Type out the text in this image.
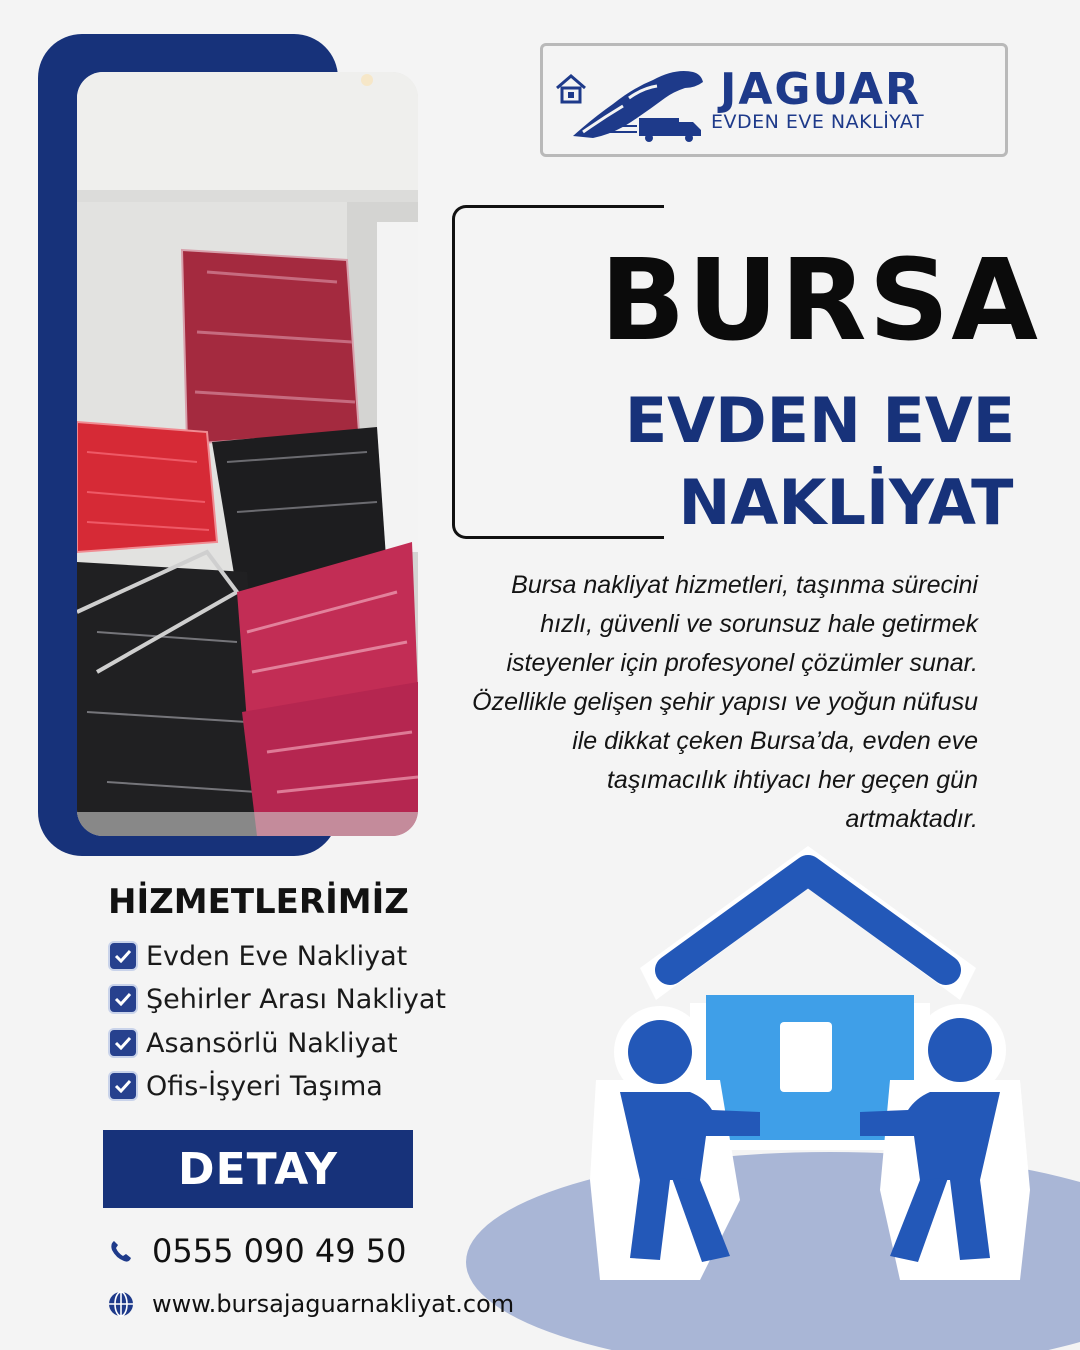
JAGUAR
EVDEN EVE NAKLİYAT
BURSA
EVDEN EVE
NAKLİYAT
Bursa nakliyat hizmetleri, taşınma sürecini hızlı, güvenli ve sorunsuz hale getirmek isteyenler için profesyonel çözümler sunar. Özellikle gelişen şehir yapısı ve yoğun nüfusu ile dikkat çeken Bursa’da, evden eve taşımacılık ihtiyacı her geçen gün artmaktadır.
HİZMETLERİMİZ
Evden Eve Nakliyat
Şehirler Arası Nakliyat
Asansörlü Nakliyat
Ofis-İşyeri Taşıma
DETAY
0555 090 49 50
www.bursajaguarnakliyat.com
